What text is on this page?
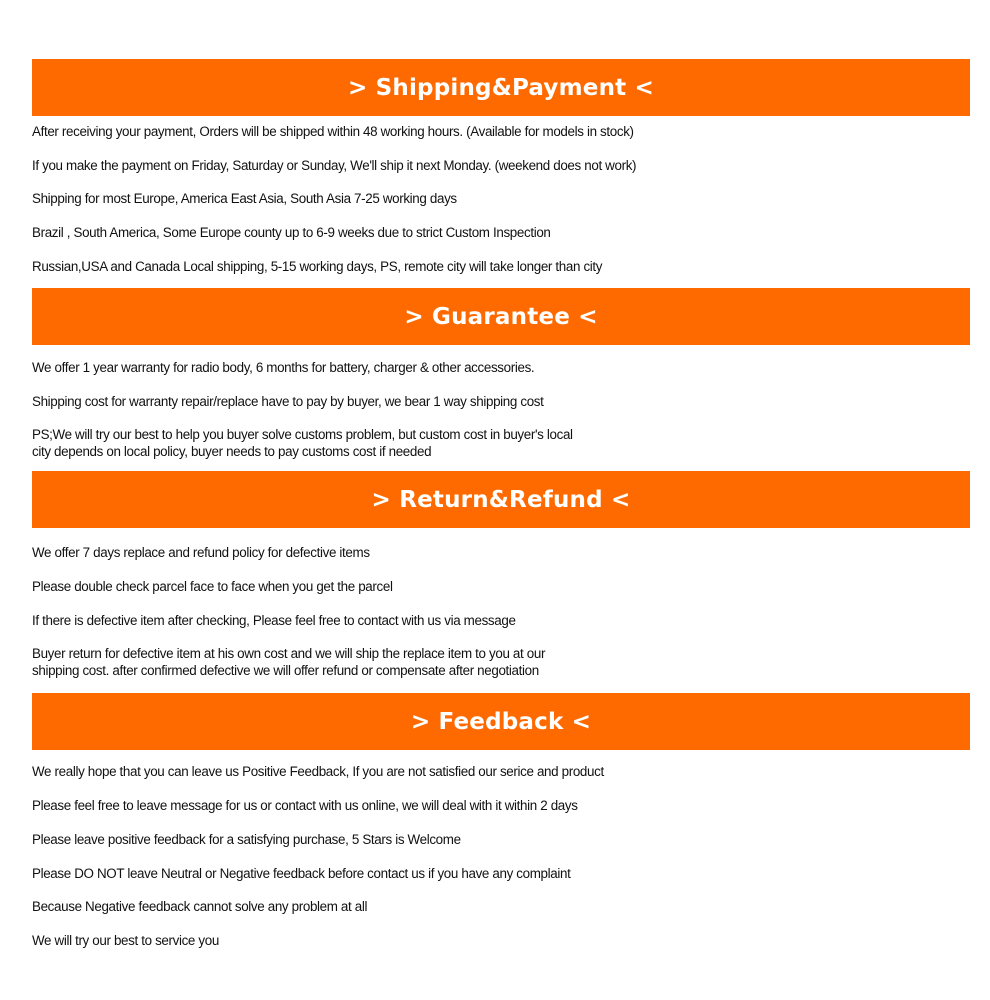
> Shipping&Payment <
After receiving your payment, Orders will be shipped within 48 working hours. (Available for models in stock)
If you make the payment on Friday, Saturday or Sunday, We'll ship it next Monday. (weekend does not work)
Shipping for most Europe, America East Asia, South Asia 7-25 working days
Brazil , South America, Some Europe county up to 6-9 weeks due to strict Custom Inspection
Russian,USA and Canada Local shipping, 5-15 working days, PS, remote city will take longer than city
> Guarantee <
We offer 1 year warranty for radio body, 6 months for battery, charger & other accessories.
Shipping cost for warranty repair/replace have to pay by buyer, we bear 1 way shipping cost
PS;We will try our best to help you buyer solve customs problem, but custom cost in buyer's local
city depends on local policy, buyer needs to pay customs cost if needed
> Return&Refund <
We offer 7 days replace and refund policy for defective items
Please double check parcel face to face when you get the parcel
If there is defective item after checking, Please feel free to contact with us via message
Buyer return for defective item at his own cost and we will ship the replace item to you at our
shipping cost. after confirmed defective we will offer refund or compensate after negotiation
> Feedback <
We really hope that you can leave us Positive Feedback, If you are not satisfied our serice and product
Please feel free to leave message for us or contact with us online, we will deal with it within 2 days
Please leave positive feedback for a satisfying purchase, 5 Stars is Welcome
Please DO NOT leave Neutral or Negative feedback before contact us if you have any complaint
Because Negative feedback cannot solve any problem at all
We will try our best to service you
